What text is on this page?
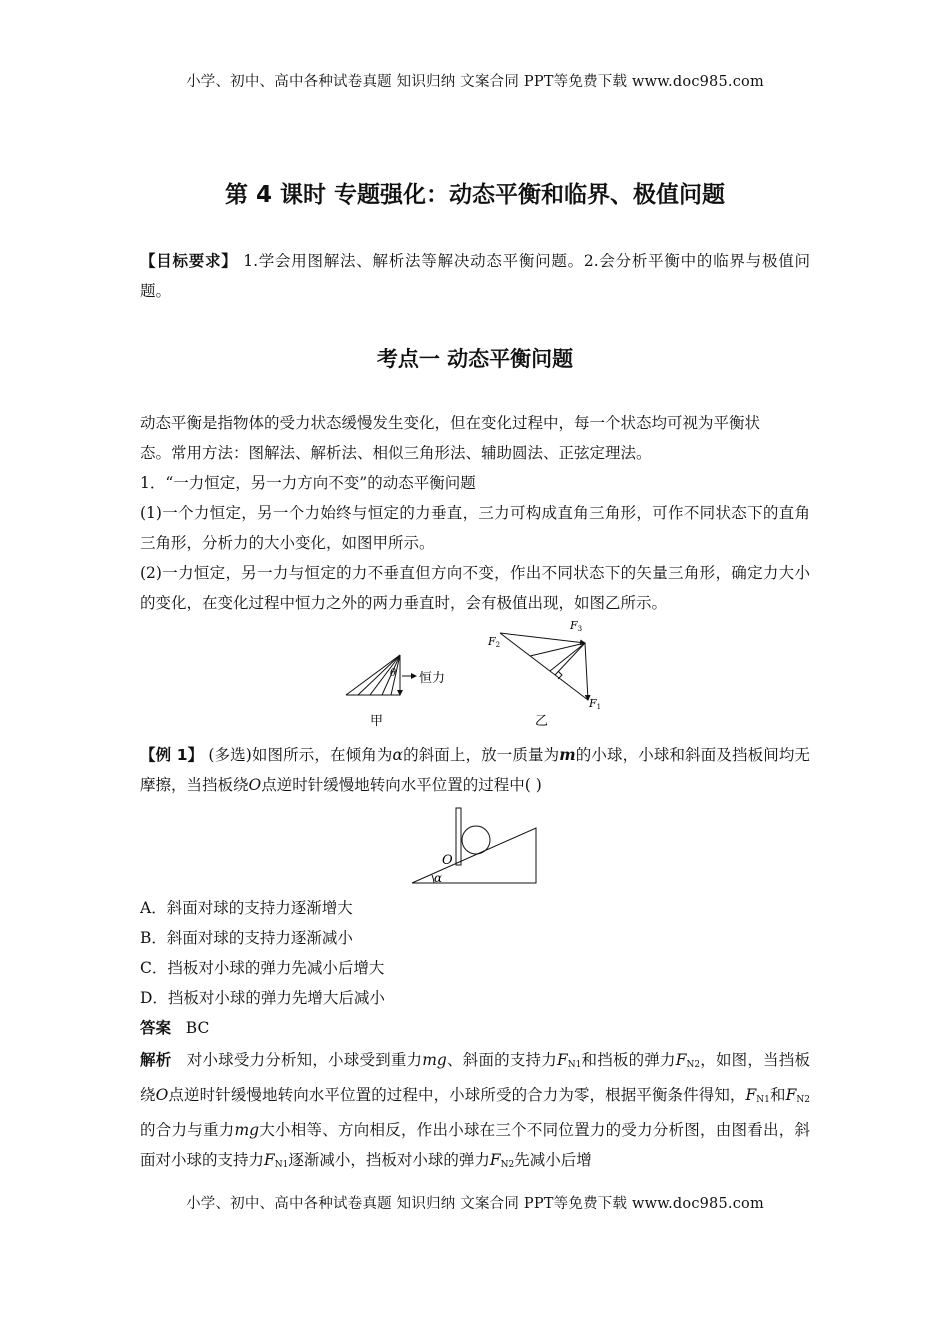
小学、初中、高中各种试卷真题 知识归纳 文案合同 PPT等免费下载 www.doc985.com
第 4 课时 专题强化：动态平衡和临界、极值问题
【目标要求】 1.学会用图解法、解析法等解决动态平衡问题。2.会分析平衡中的临界与极值问题。
考点一 动态平衡问题
动态平衡是指物体的受力状态缓慢发生变化，但在变化过程中，每一个状态均可视为平衡状
态。常用方法：图解法、解析法、相似三角形法、辅助圆法、正弦定理法。
1．“一力恒定，另一力方向不变”的动态平衡问题
(1)一个力恒定，另一个力始终与恒定的力垂直，三力可构成直角三角形，可作不同状态下的直角三角形，分析力的大小变化，如图甲所示。
(2)一力恒定，另一力与恒定的力不垂直但方向不变，作出不同状态下的矢量三角形，确定力大小的变化，在变化过程中恒力之外的两力垂直时，会有极值出现，如图乙所示。
θ 恒力
甲
F2
F3
F1
乙
【例 1】 (多选)如图所示，在倾角为α的斜面上，放一质量为m的小球，小球和斜面及挡板间均无摩擦，当挡板绕O点逆时针缓慢地转向水平位置的过程中( )
O
α
A．斜面对球的支持力逐渐增大
B．斜面对球的支持力逐渐减小
C．挡板对小球的弹力先减小后增大
D．挡板对小球的弹力先增大后减小
答案 BC
解析 对小球受力分析知，小球受到重力mg、斜面的支持力$F_{N1}$和挡板的弹力$F_{N2}$，如图，当挡板绕O点逆时针缓慢地转向水平位置的过程中，小球所受的合力为零，根据平衡条件得知，$F_{N1}$和$F_{N2}$的合力与重力mg大小相等、方向相反，作出小球在三个不同位置力的受力分析图，由图看出，斜面对小球的支持力$F_{N1}$逐渐减小，挡板对小球的弹力$F_{N2}$先减小后增
小学、初中、高中各种试卷真题 知识归纳 文案合同 PPT等免费下载 www.doc985.com
